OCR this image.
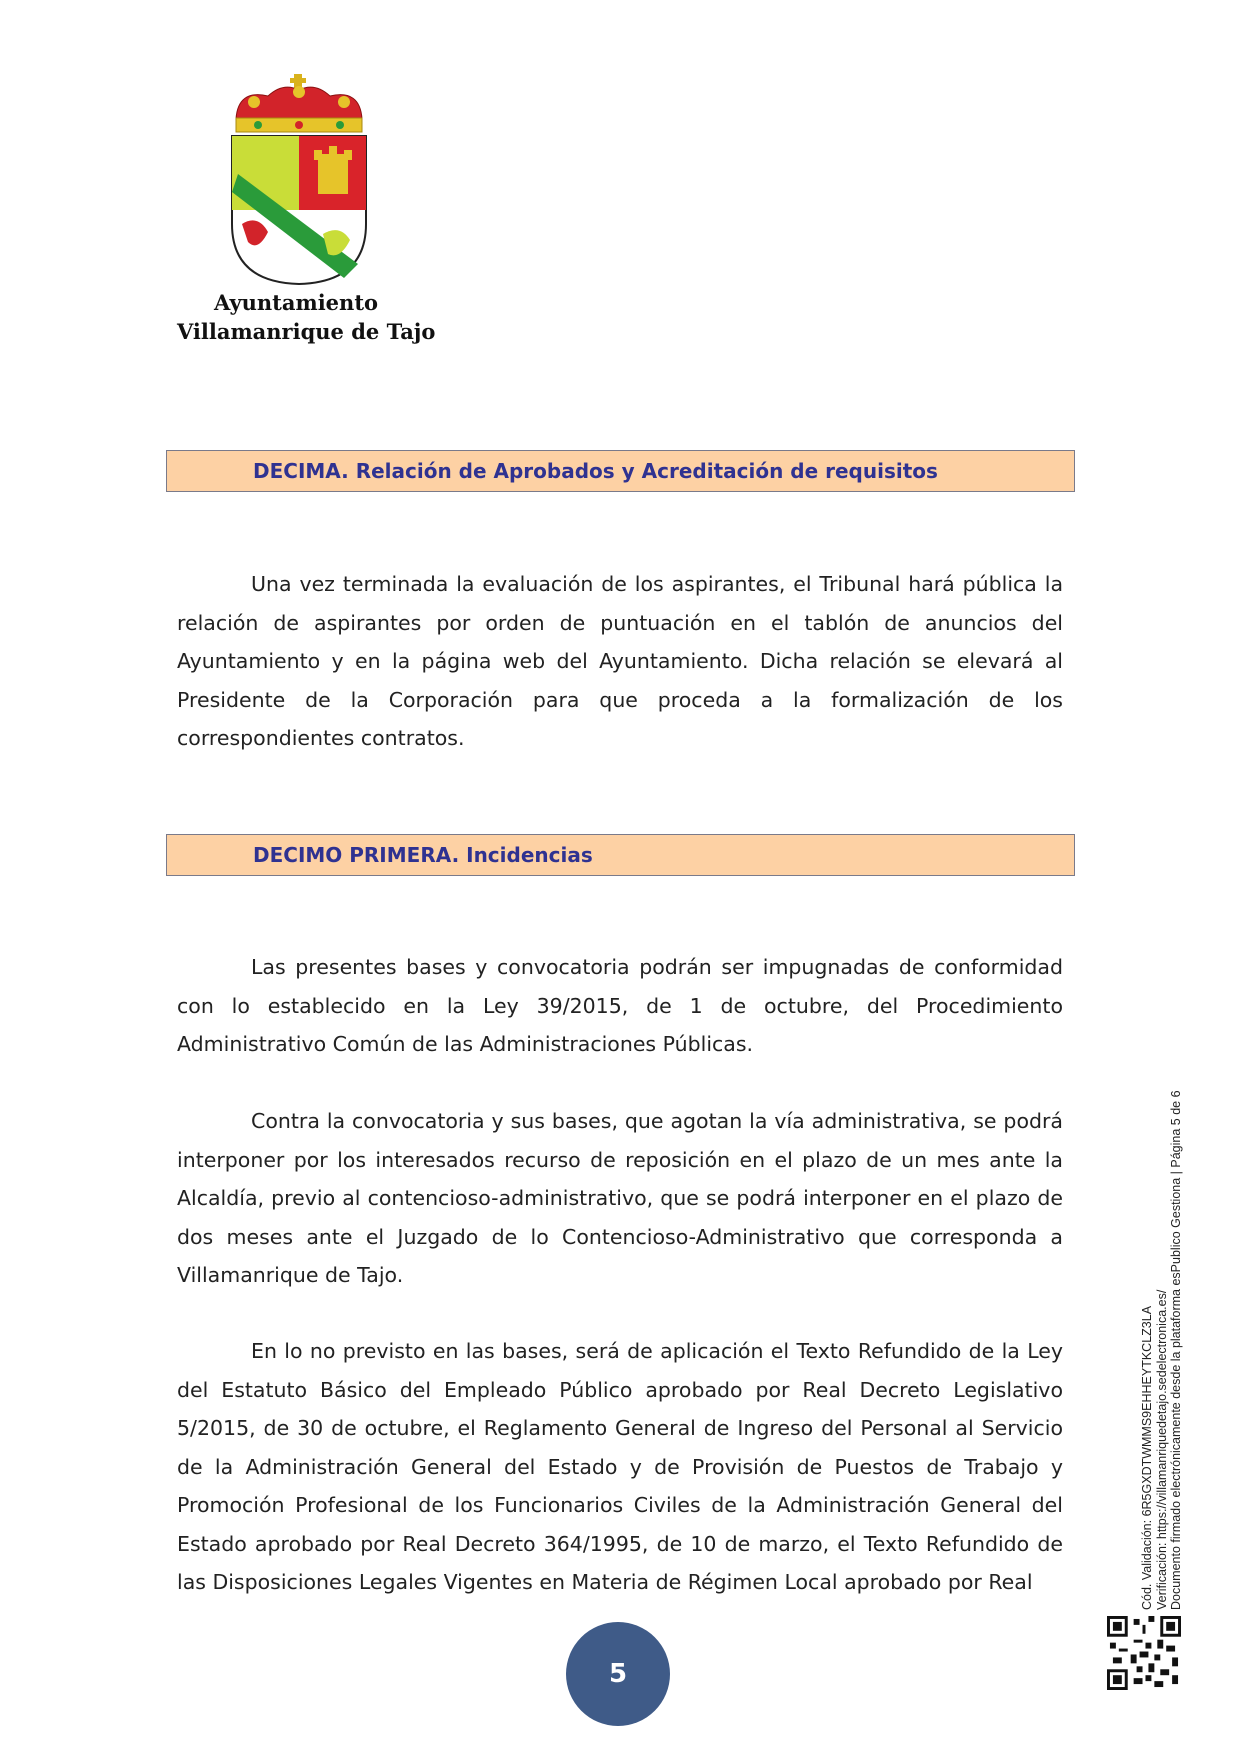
Ayuntamiento
Villamanrique de Tajo
DECIMA. Relación de Aprobados y Acreditación de requisitos

Una vez terminada la evaluación de los aspirantes, el Tribunal hará pública la relación de aspirantes por orden de puntuación en el tablón de anuncios del Ayuntamiento y en la página web del Ayuntamiento. Dicha relación se elevará al Presidente de la Corporación para que proceda a la formalización de los correspondientes contratos.

DECIMO PRIMERA. Incidencias

Las presentes bases y convocatoria podrán ser impugnadas de conformidad con lo establecido en la Ley 39/2015, de 1 de octubre, del Procedimiento Administrativo Común de las Administraciones Públicas.

Contra la convocatoria y sus bases, que agotan la vía administrativa, se podrá interponer por los interesados recurso de reposición en el plazo de un mes ante la Alcaldía, previo al contencioso-administrativo, que se podrá interponer en el plazo de dos meses ante el Juzgado de lo Contencioso-Administrativo que corresponda a Villamanrique de Tajo.

En lo no previsto en las bases, será de aplicación el Texto Refundido de la Ley del Estatuto Básico del Empleado Público aprobado por Real Decreto Legislativo 5/2015, de 30 de octubre, el Reglamento General de Ingreso del Personal al Servicio de la Administración General del Estado y de Provisión de Puestos de Trabajo y Promoción Profesional de los Funcionarios Civiles de la Administración General del Estado aprobado por Real Decreto 364/1995, de 10 de marzo, el Texto Refundido de las Disposiciones Legales Vigentes en Materia de Régimen Local aprobado por Real	Cód. Validación: 6R5GXDTWMMS9EHHEYTKCLZ3LA Verificación: https://villamanriquedetajo.sedelectronica.es/ Documento firmado electrónicamente desde la plataforma esPublico Gestiona | Página 5 de 6
5
